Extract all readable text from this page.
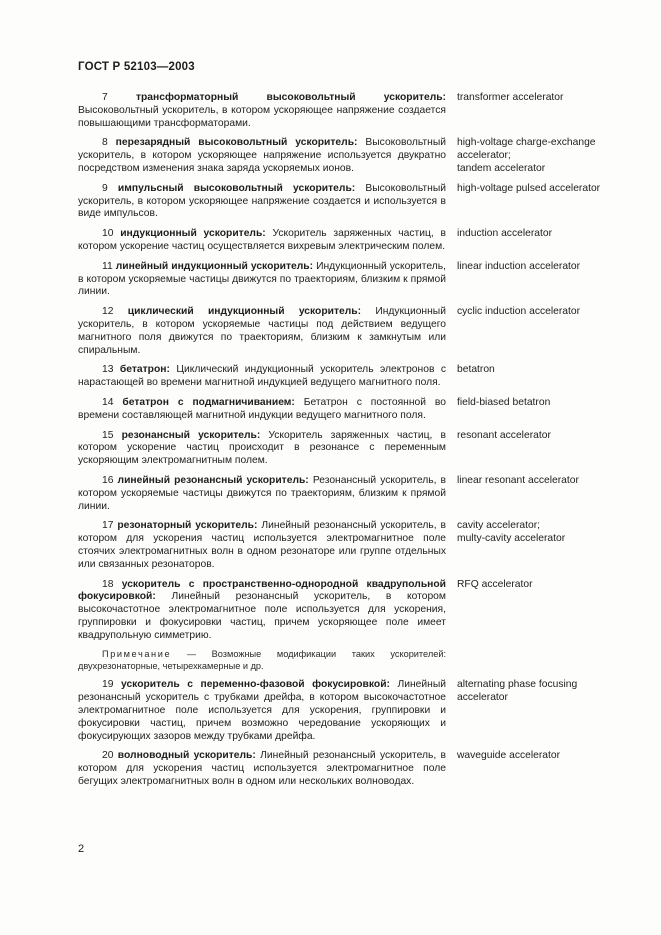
ГОСТ Р 52103—2003
7	трансформаторный высоковольтный ускоритель: Высоковольтный ускоритель, в котором ускоряющее напряжение создается повышающими трансформаторами.
transformer accelerator
8 перезарядный высоковольтный ускоритель: Высоковольтный ускоритель, в котором ускоряющее напряжение используется двукратно посредством изменения знака заряда ускоряемых ионов.
high-voltage charge-exchange accelerator;
tandem accelerator
9 импульсный высоковольтный ускоритель: Высоковольтный ускоритель, в котором ускоряющее напряжение создается и используется в виде импульсов.
high-voltage pulsed accelerator
10 индукционный ускоритель: Ускоритель заряженных частиц, в котором ускорение частиц осуществляется вихревым электрическим полем.
induction accelerator
11 линейный индукционный ускоритель: Индукционный ускоритель, в котором ускоряемые частицы движутся по траекториям, близким к прямой линии.
linear induction accelerator
12 циклический индукционный ускоритель: Индукционный ускоритель, в котором ускоряемые частицы под действием ведущего магнитного поля движутся по траекториям, близким к замкнутым или спиральным.
cyclic induction accelerator
13 бетатрон: Циклический индукционный ускоритель электронов с нарастающей во времени магнитной индукцией ведущего магнитного поля.
betatron
14 бетатрон с подмагничиванием: Бетатрон с постоянной во времени составляющей магнитной индукции ведущего магнитного поля.
field-biased betatron
15 резонансный ускоритель: Ускоритель заряженных частиц, в котором ускорение частиц происходит в резонансе с переменным ускоряющим электромагнитным полем.
resonant accelerator
16 линейный резонансный ускоритель: Резонансный ускоритель, в котором ускоряемые частицы движутся по траекториям, близким к прямой линии.
linear resonant accelerator
17 резонаторный ускоритель: Линейный резонансный ускоритель, в котором для ускорения частиц используется электромагнитное поле стоячих электромагнитных волн в одном резонаторе или группе отдельных или связанных резонаторов.
cavity accelerator;
multy-cavity accelerator
18 ускоритель с пространственно-однородной квадрупольной фокусировкой: Линейный резонансный ускоритель, в котором высокочастотное электромагнитное поле используется для ускорения, группировки и фокусировки частиц, причем ускоряющее поле имеет квадрупольную симметрию.
RFQ accelerator
Примечание — Возможные модификации таких ускорителей: двухрезонаторные, четырехкамерные и др.
19 ускоритель с переменно-фазовой фокусировкой: Линейный резонансный ускоритель с трубками дрейфа, в котором высокочастотное электромагнитное поле используется для ускорения, группировки и фокусировки частиц, причем возможно чередование ускоряющих и фокусирующих зазоров между трубками дрейфа.
alternating phase focusing
accelerator
20 волноводный ускоритель: Линейный резонансный ускоритель, в котором для ускорения частиц используется электромагнитное поле бегущих электромагнитных волн в одном или нескольких волноводах.
waveguide accelerator
2
